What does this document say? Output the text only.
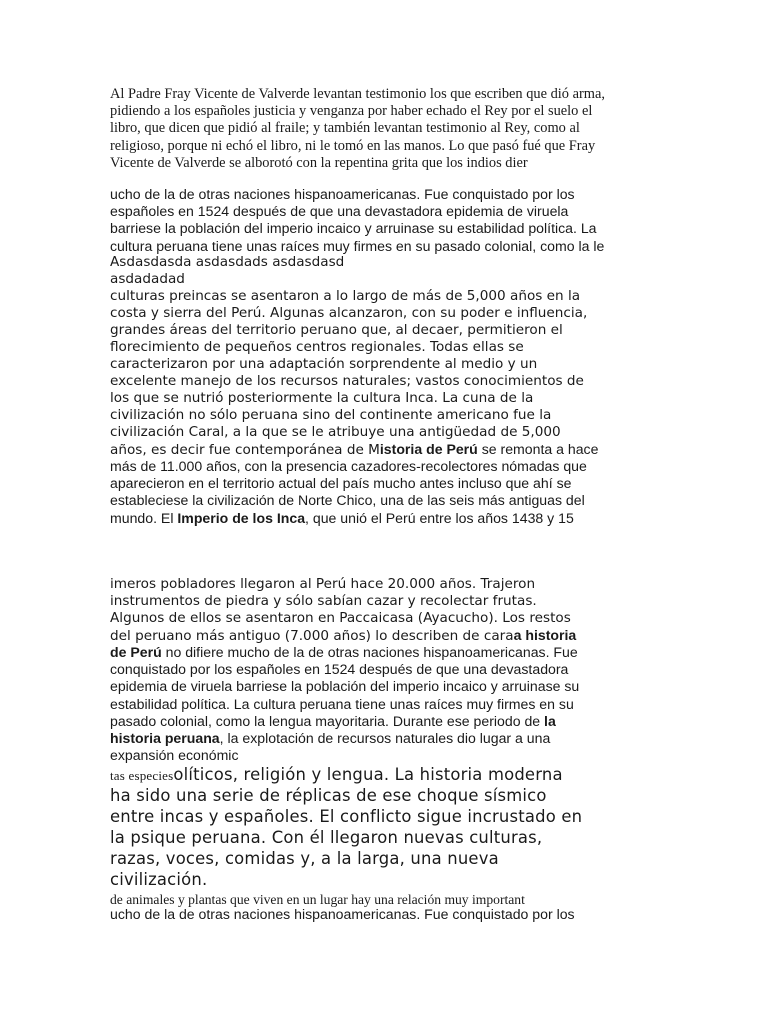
Al Padre Fray Vicente de Valverde levantan testimonio los que escriben que dió arma,
pidiendo a los españoles justicia y venganza por haber echado el Rey por el suelo el
libro, que dicen que pidió al fraile; y también levantan testimonio al Rey, como al
religioso, porque ni echó el libro, ni le tomó en las manos. Lo que pasó fué que Fray
Vicente de Valverde se alborotó con la repentina grita que los indios dier
ucho de la de otras naciones hispanoamericanas. Fue conquistado por los
españoles en 1524 después de que una devastadora epidemia de viruela
barriese la población del imperio incaico y arruinase su estabilidad política. La
cultura peruana tiene unas raíces muy firmes en su pasado colonial, como la le
Asdasdasda asdasdads asdasdasd
asdadadad
culturas preincas se asentaron a lo largo de más de 5,000 años en la
costa y sierra del Perú. Algunas alcanzaron, con su poder e influencia,
grandes áreas del territorio peruano que, al decaer, permitieron el
florecimiento de pequeños centros regionales. Todas ellas se
caracterizaron por una adaptación sorprendente al medio y un
excelente manejo de los recursos naturales; vastos conocimientos de
los que se nutrió posteriormente la cultura Inca. La cuna de la
civilización no sólo peruana sino del continente americano fue la
civilización Caral, a la que se le atribuye una antigüedad de 5,000
años, es decir fue contemporánea de Mistoria de Perú se remonta a hace
más de 11.000 años, con la presencia cazadores-recolectores nómadas que
aparecieron en el territorio actual del país mucho antes incluso que ahí se
estableciese la civilización de Norte Chico, una de las seis más antiguas del
mundo. El Imperio de los Inca, que unió el Perú entre los años 1438 y 15
imeros pobladores llegaron al Perú hace 20.000 años. Trajeron
instrumentos de piedra y sólo sabían cazar y recolectar frutas.
Algunos de ellos se asentaron en Paccaicasa (Ayacucho). Los restos
del peruano más antiguo (7.000 años) lo describen de caraa historia
de Perú no difiere mucho de la de otras naciones hispanoamericanas. Fue
conquistado por los españoles en 1524 después de que una devastadora
epidemia de viruela barriese la población del imperio incaico y arruinase su
estabilidad política. La cultura peruana tiene unas raíces muy firmes en su
pasado colonial, como la lengua mayoritaria. Durante ese periodo de la
historia peruana, la explotación de recursos naturales dio lugar a una
expansión económic
tas especiesolíticos, religión y lengua. La historia moderna
ha sido una serie de réplicas de ese choque sísmico
entre incas y españoles. El conflicto sigue incrustado en
la psique peruana. Con él llegaron nuevas culturas,
razas, voces, comidas y, a la larga, una nueva
civilización.
de animales y plantas que viven en un lugar hay una relación muy important
ucho de la de otras naciones hispanoamericanas. Fue conquistado por los
